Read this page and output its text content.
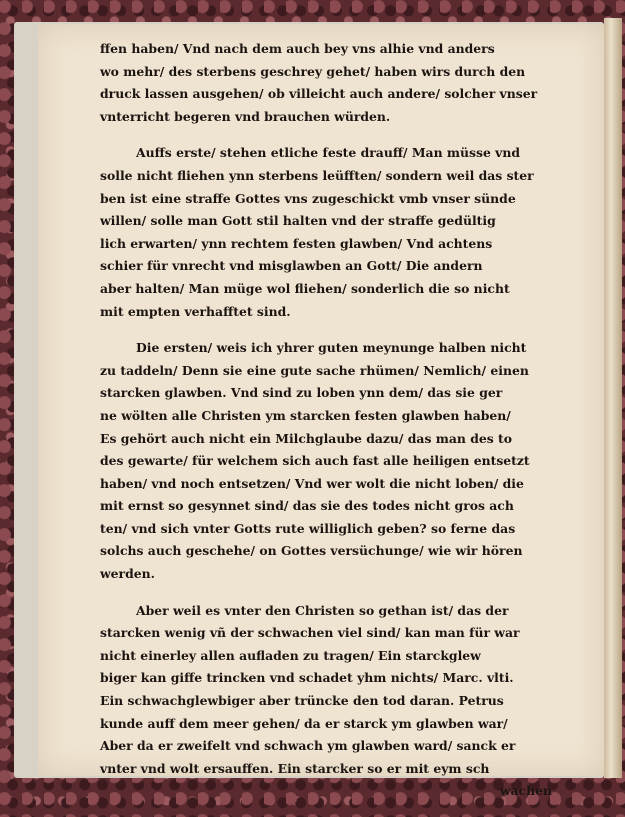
ffen haben/ Vnd nach dem auch bey vns alhie vnd anders
wo mehr/ des sterbens geschrey gehet/ haben wirs durch den
druck lassen ausgehen/ ob villeicht auch andere/ solcher vnser
vnterricht begeren vnd brauchen würden.

Auffs erste/ stehen etliche feste drauff/ Man müsse vnd
solle nicht fliehen ynn sterbens leüfften/ sondern weil das ster
ben ist eine straffe Gottes vns zugeschickt vmb vnser sünde
willen/ solle man Gott stil halten vnd der straffe gedültig
lich erwarten/ ynn rechtem festen glawben/ Vnd achtens
schier für vnrecht vnd misglawben an Gott/ Die andern
aber halten/ Man müge wol fliehen/ sonderlich die so nicht
mit empten verhafftet sind.

Die ersten/ weis ich yhrer guten meynunge halben nicht
zu taddeln/ Denn sie eine gute sache rhümen/ Nemlich/ einen
starcken glawben. Vnd sind zu loben ynn dem/ das sie ger
ne wölten alle Christen ym starcken festen glawben haben/
Es gehört auch nicht ein Milchglaube dazu/ das man des to
des gewarte/ für welchem sich auch fast alle heiligen entsetzt
haben/ vnd noch entsetzen/ Vnd wer wolt die nicht loben/ die
mit ernst so gesynnet sind/ das sie des todes nicht gros ach
ten/ vnd sich vnter Gotts rute williglich geben? so ferne das
solchs auch geschehe/ on Gottes versüchunge/ wie wir hören
werden.

Aber weil es vnter den Christen so gethan ist/ das der
starcken wenig vñ der schwachen viel sind/ kan man für war
nicht einerley allen aufladen zu tragen/ Ein starckglew
biger kan giffe trincken vnd schadet yhm nichts/ Marc. vlti.
Ein schwachglewbiger aber trüncke den tod daran. Petrus
kunde auff dem meer gehen/ da er starck ym glawben war/
Aber da er zweifelt vnd schwach ym glawben ward/ sanck er
vnter vnd wolt ersauffen. Ein starcker so er mit eym sch
wachen
